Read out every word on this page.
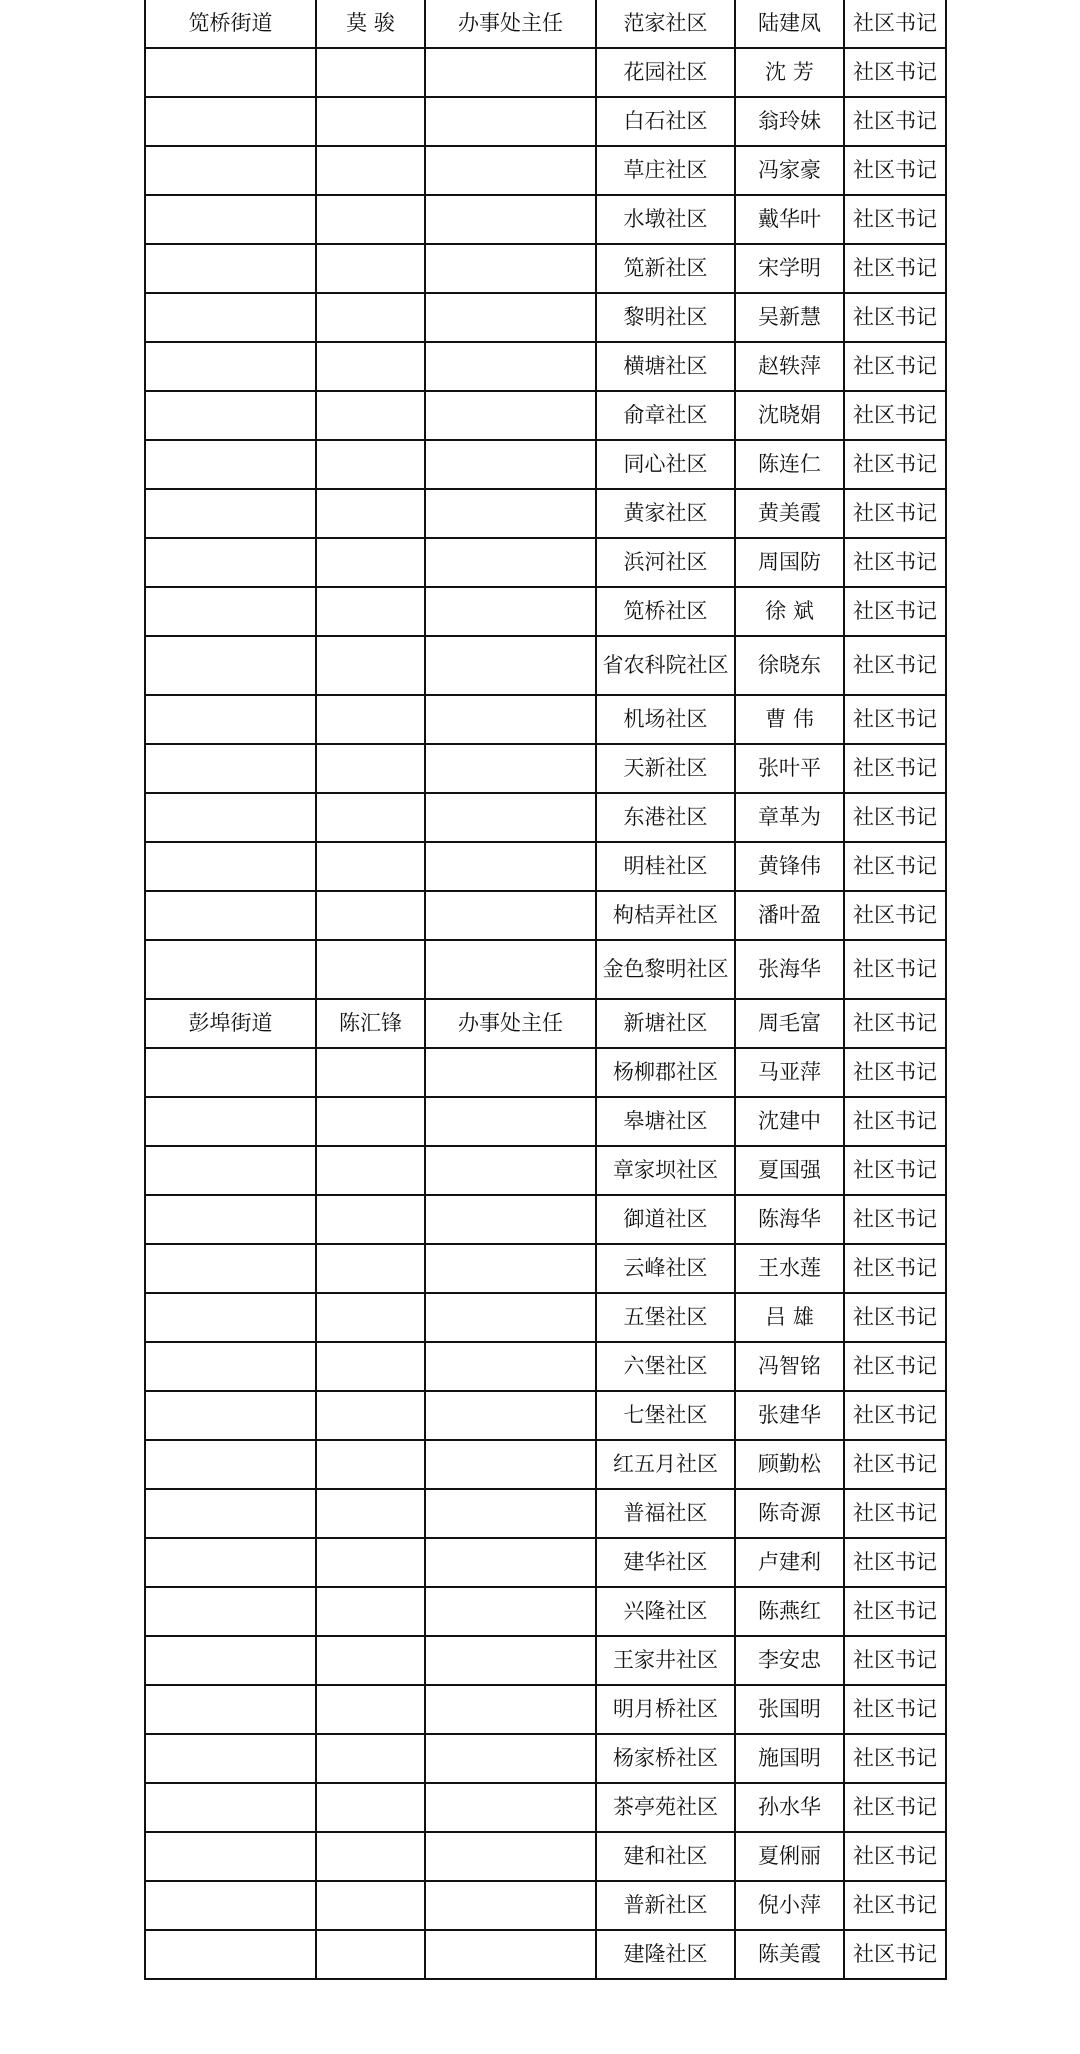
笕桥街道	莫 骏	办事处主任	范家社区	陆建凤	社区书记
			花园社区	沈 芳	社区书记
			白石社区	翁玲妹	社区书记
			草庄社区	冯家豪	社区书记
			水墩社区	戴华叶	社区书记
			笕新社区	宋学明	社区书记
			黎明社区	吴新慧	社区书记
			横塘社区	赵轶萍	社区书记
			俞章社区	沈晓娟	社区书记
			同心社区	陈连仁	社区书记
			黄家社区	黄美霞	社区书记
			浜河社区	周国防	社区书记
			笕桥社区	徐 斌	社区书记
			省农科院社区	徐晓东	社区书记
			机场社区	曹 伟	社区书记
			天新社区	张叶平	社区书记
			东港社区	章革为	社区书记
			明桂社区	黄锋伟	社区书记
			枸桔弄社区	潘叶盈	社区书记
			金色黎明社区	张海华	社区书记
彭埠街道	陈汇锋	办事处主任	新塘社区	周毛富	社区书记
			杨柳郡社区	马亚萍	社区书记
			皋塘社区	沈建中	社区书记
			章家坝社区	夏国强	社区书记
			御道社区	陈海华	社区书记
			云峰社区	王水莲	社区书记
			五堡社区	吕 雄	社区书记
			六堡社区	冯智铭	社区书记
			七堡社区	张建华	社区书记
			红五月社区	顾勤松	社区书记
			普福社区	陈奇源	社区书记
			建华社区	卢建利	社区书记
			兴隆社区	陈燕红	社区书记
			王家井社区	李安忠	社区书记
			明月桥社区	张国明	社区书记
			杨家桥社区	施国明	社区书记
			茶亭苑社区	孙水华	社区书记
			建和社区	夏俐丽	社区书记
			普新社区	倪小萍	社区书记
			建隆社区	陈美霞	社区书记
